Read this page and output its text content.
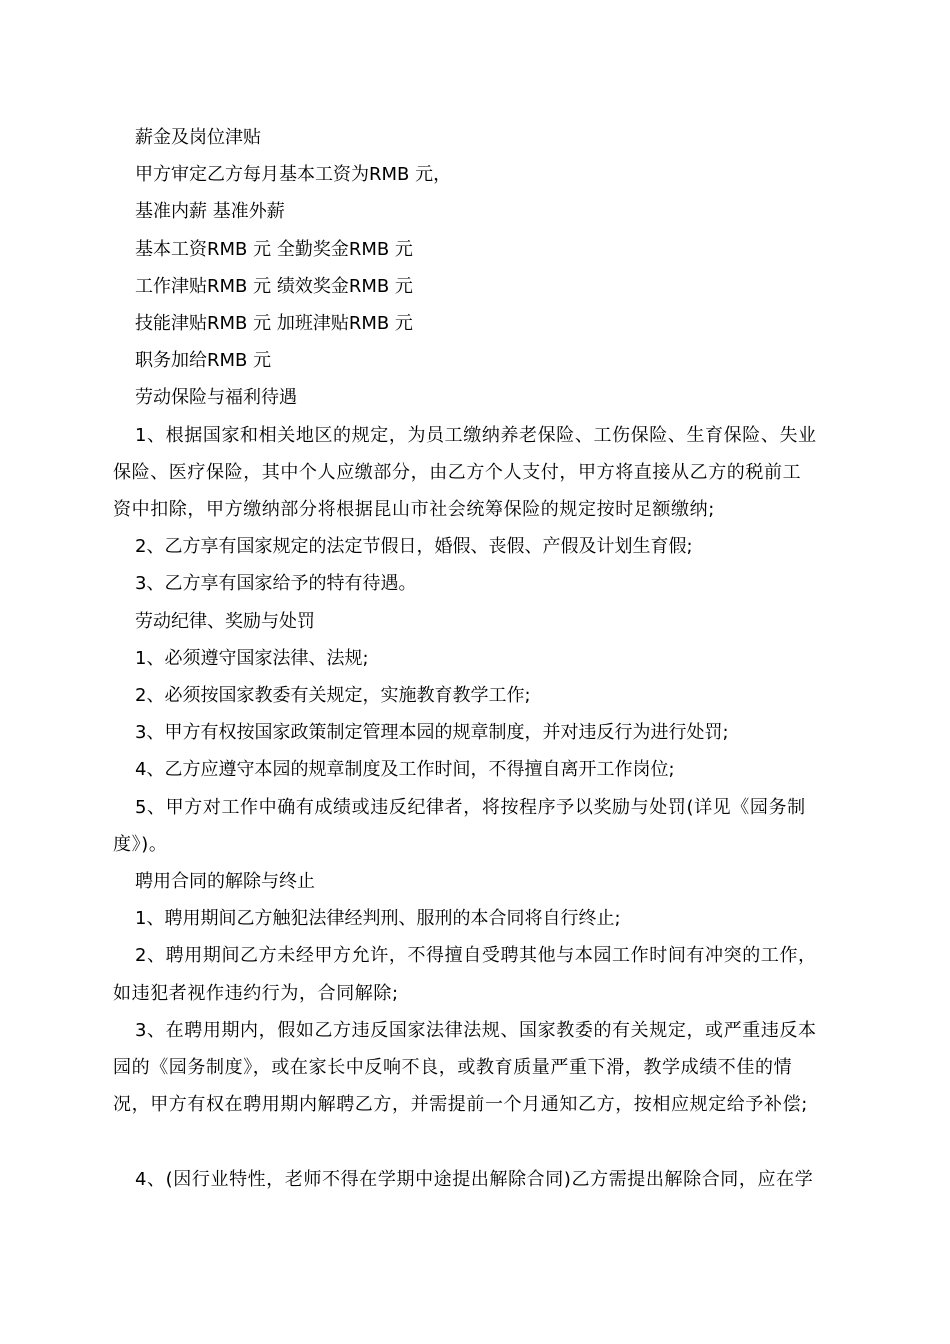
薪金及岗位津贴
甲方审定乙方每月基本工资为RMB 元，
基准内薪 基准外薪
基本工资RMB 元 全勤奖金RMB 元
工作津贴RMB 元 绩效奖金RMB 元
技能津贴RMB 元 加班津贴RMB 元
职务加给RMB 元
劳动保险与福利待遇
1、根据国家和相关地区的规定，为员工缴纳养老保险、工伤保险、生育保险、失业
保险、医疗保险，其中个人应缴部分，由乙方个人支付，甲方将直接从乙方的税前工
资中扣除，甲方缴纳部分将根据昆山市社会统筹保险的规定按时足额缴纳;
2、乙方享有国家规定的法定节假日，婚假、丧假、产假及计划生育假;
3、乙方享有国家给予的特有待遇。
劳动纪律、奖励与处罚
1、必须遵守国家法律、法规;
2、必须按国家教委有关规定，实施教育教学工作;
3、甲方有权按国家政策制定管理本园的规章制度，并对违反行为进行处罚;
4、乙方应遵守本园的规章制度及工作时间，不得擅自离开工作岗位;
5、甲方对工作中确有成绩或违反纪律者，将按程序予以奖励与处罚(详见《园务制
度》)。
聘用合同的解除与终止
1、聘用期间乙方触犯法律经判刑、服刑的本合同将自行终止;
2、聘用期间乙方未经甲方允许，不得擅自受聘其他与本园工作时间有冲突的工作，
如违犯者视作违约行为，合同解除;
3、在聘用期内，假如乙方违反国家法律法规、国家教委的有关规定，或严重违反本
园的《园务制度》，或在家长中反响不良，或教育质量严重下滑，教学成绩不佳的情
况，甲方有权在聘用期内解聘乙方，并需提前一个月通知乙方，按相应规定给予补偿;
4、(因行业特性，老师不得在学期中途提出解除合同)乙方需提出解除合同，应在学
